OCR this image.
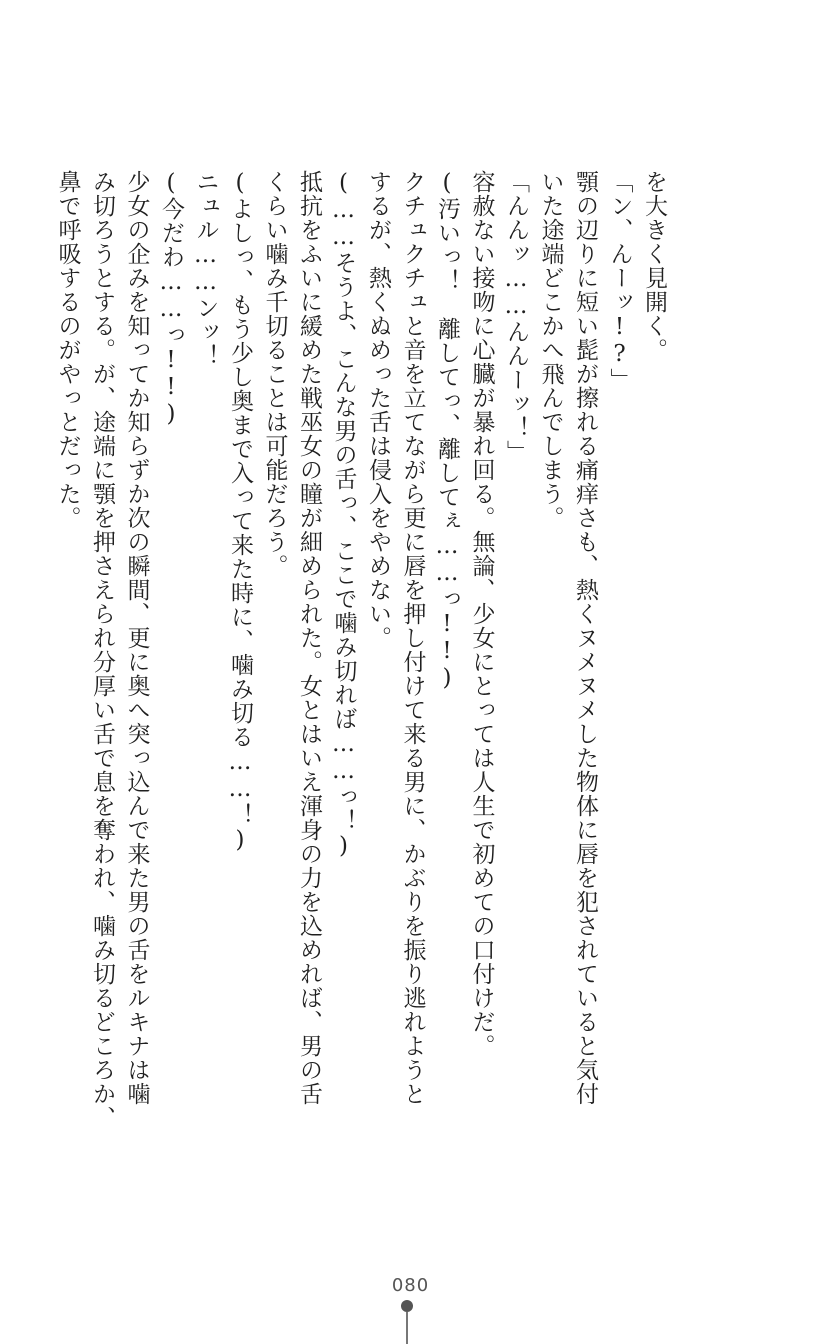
を大きく見開く。
「ン、んーッ!?」
顎の辺りに短い髭が擦れる痛痒さも、熱くヌメヌメした物体に唇を犯されていると気付
いた途端どこかへ飛んでしまう。
「んんッ……んんーッ！」
容赦ない接吻に心臓が暴れ回る。無論、少女にとっては人生で初めての口付けだ。
(汚いっ！　離してっ、離してぇ……っ!!)
クチュクチュと音を立てながら更に唇を押し付けて来る男に、かぶりを振り逃れようと
するが、熱くぬめった舌は侵入をやめない。
(……そうよ、こんな男の舌っ、ここで噛み切れば……っ！)
抵抗をふいに緩めた戦巫女の瞳が細められた。女とはいえ渾身の力を込めれば、男の舌
くらい噛み千切ることは可能だろう。
(よしっ、もう少し奥まで入って来た時に、噛み切る……！)
ニュル……ンッ！
(今だわ……っ!!)
少女の企みを知ってか知らずか次の瞬間、更に奥へ突っ込んで来た男の舌をルキナは噛
み切ろうとする。が、途端に顎を押さえられ分厚い舌で息を奪われ、噛み切るどころか、
鼻で呼吸するのがやっとだった。
080
